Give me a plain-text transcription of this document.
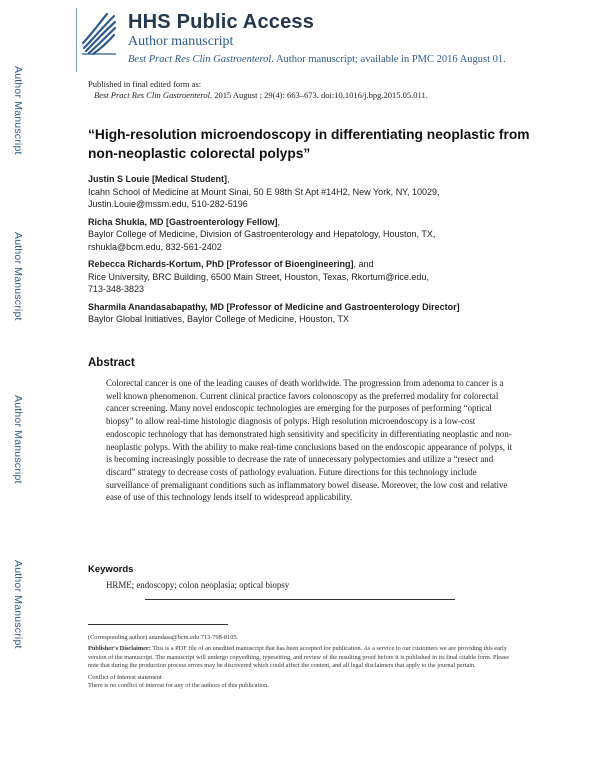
Author Manuscript
Author Manuscript
Author Manuscript
Author Manuscript
HHS Public Access
Author manuscript
Best Pract Res Clin Gastroenterol. Author manuscript; available in PMC 2016 August 01.
Published in final edited form as:
Best Pract Res Clin Gastroenterol. 2015 August ; 29(4): 663–673. doi:10.1016/j.bpg.2015.05.011.
“High-resolution microendoscopy in differentiating neoplastic from non-neoplastic colorectal polyps”
Justin S Louie [Medical Student],
Icahn School of Medicine at Mount Sinai, 50 E 98th St Apt #14H2, New York, NY, 10029,
Justin.Louie@mssm.edu, 510-282-5196
Richa Shukla, MD [Gastroenterology Fellow],
Baylor College of Medicine, Division of Gastroenterology and Hepatology, Houston, TX,
rshukla@bcm.edu, 832-561-2402
Rebecca Richards-Kortum, PhD [Professor of Bioengineering], and
Rice University, BRC Building, 6500 Main Street, Houston, Texas, Rkortum@rice.edu,
713-348-3823
Sharmila Anandasabapathy, MD [Professor of Medicine and Gastroenterology Director]
Baylor Global Initiatives, Baylor College of Medicine, Houston, TX
Abstract
Colorectal cancer is one of the leading causes of death worldwide. The progression from adenoma to cancer is a well known phenomenon. Current clinical practice favors colonoscopy as the preferred modality for colorectal cancer screening. Many novel endoscopic technologies are emerging for the purposes of performing “optical biopsy” to allow real-time histologic diagnosis of polyps. High resolution microendoscopy is a low-cost endoscopic technology that has demonstrated high sensitivity and specificity in differentiating neoplastic and non-neoplastic polyps. With the ability to make real-time conclusions based on the endoscopic appearance of polyps, it is becoming increasingly possible to decrease the rate of unnecessary polypectomies and utilize a “resect and discard” strategy to decrease costs of pathology evaluation. Future directions for this technology include surveillance of premalignant conditions such as inflammatory bowel disease. Moreover, the low cost and relative ease of use of this technology lends itself to widespread applicability.
Keywords
HRME; endoscopy; colon neoplasia; optical biopsy
(Corresponding author) anandasa@bcm.edu 713-798-8105.
Publisher's Disclaimer: This is a PDF file of an unedited manuscript that has been accepted for publication. As a service to our customers we are providing this early version of the manuscript. The manuscript will undergo copyediting, typesetting, and review of the resulting proof before it is published in its final citable form. Please note that during the production process errors may be discovered which could affect the content, and all legal disclaimers that apply to the journal pertain.
Conflict of Interest statement
There is no conflict of interest for any of the authors of this publication.
